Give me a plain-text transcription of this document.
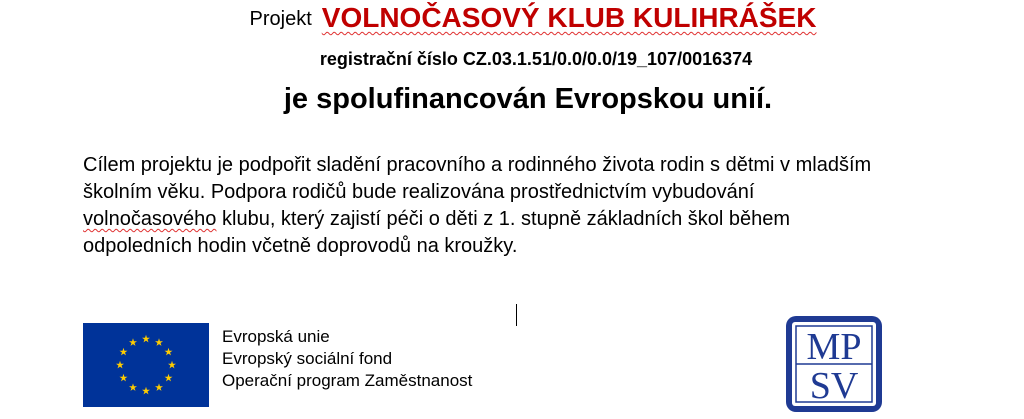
Projekt VOLNOČASOVÝ KLUB KULIHRÁŠEK
registrační číslo CZ.03.1.51/0.0/0.0/19_107/0016374
je spolufinancován Evropskou unií.
Cílem projektu je podpořit sladění pracovního a rodinného života rodin s dětmi v mladším
školním věku. Podpora rodičů bude realizována prostřednictvím vybudování
volnočasového klubu, který zajistí péči o děti z 1. stupně základních škol během
odpoledních hodin včetně doprovodů na kroužky.
Evropská unie
Evropský sociální fond
Operační program Zaměstnanost
MP
SV
